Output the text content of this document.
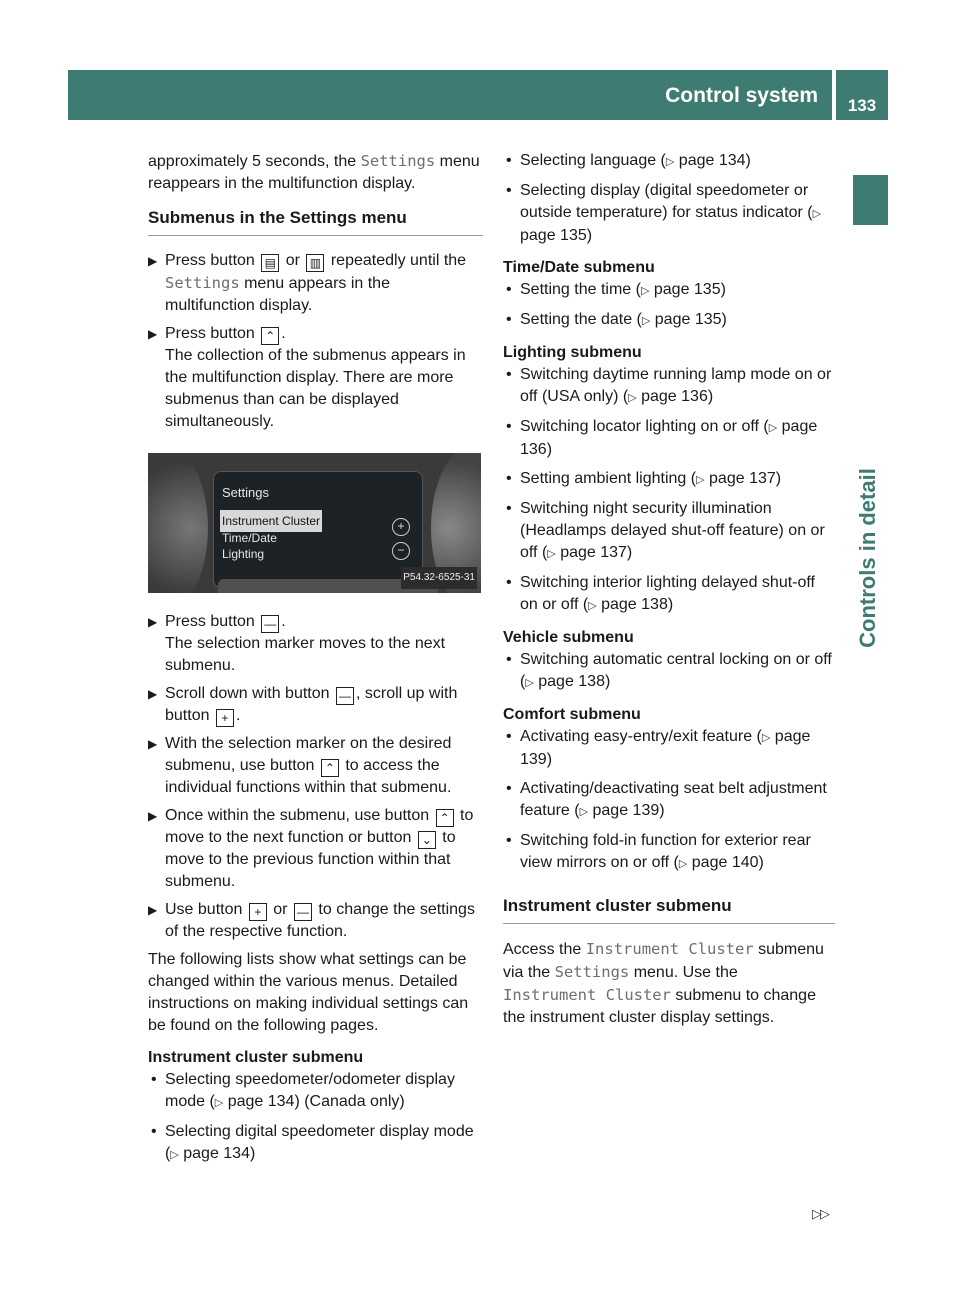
Control system	133
Controls in detail

approximately 5 seconds, the Settings menu reappears in the multifunction display.

Submenus in the Settings menu
▶ Press button ▤ or ▥ repeatedly until the Settings menu appears in the multifunction display.
▶ Press button ⌃ .
The collection of the submenus appears in the multifunction display. There are more submenus than can be displayed simultaneously.
Settings
Instrument Cluster
Time/Date
Lighting
+
−
P54.32-6525-31
▶ Press button — .
The selection marker moves to the next submenu.
▶ Scroll down with button — , scroll up with button + .
▶ With the selection marker on the desired submenu, use button ⌃ to access the individual functions within that submenu.
▶ Once within the submenu, use button ⌃ to move to the next function or button ⌄ to move to the previous function within that submenu.
▶ Use button + or — to change the settings of the respective function.

The following lists show what settings can be changed within the various menus. Detailed instructions on making individual settings can be found on the following pages.

Instrument cluster submenu

• Selecting speedometer/odometer display mode (▷ page 134) (Canada only)
• Selecting digital speedometer display mode (▷ page 134)
• Selecting language (▷ page 134)
• Selecting display (digital speedometer or outside temperature) for status indicator (▷ page 135)

Time/Date submenu

• Setting the time (▷ page 135)
• Setting the date (▷ page 135)

Lighting submenu

• Switching daytime running lamp mode on or off (USA only) (▷ page 136)
• Switching locator lighting on or off (▷ page 136)
• Setting ambient lighting (▷ page 137)
• Switching night security illumination (Headlamps delayed shut-off feature) on or off (▷ page 137)
• Switching interior lighting delayed shut-off on or off (▷ page 138)

Vehicle submenu

• Switching automatic central locking on or off (▷ page 138)

Comfort submenu

• Activating easy-entry/exit feature (▷ page 139)
• Activating/deactivating seat belt adjustment feature (▷ page 139)
• Switching fold-in function for exterior rear view mirrors on or off (▷ page 140)
Instrument cluster submenu

Access the Instrument Cluster submenu via the Settings menu. Use the Instrument Cluster submenu to change the instrument cluster display settings.

▷▷
